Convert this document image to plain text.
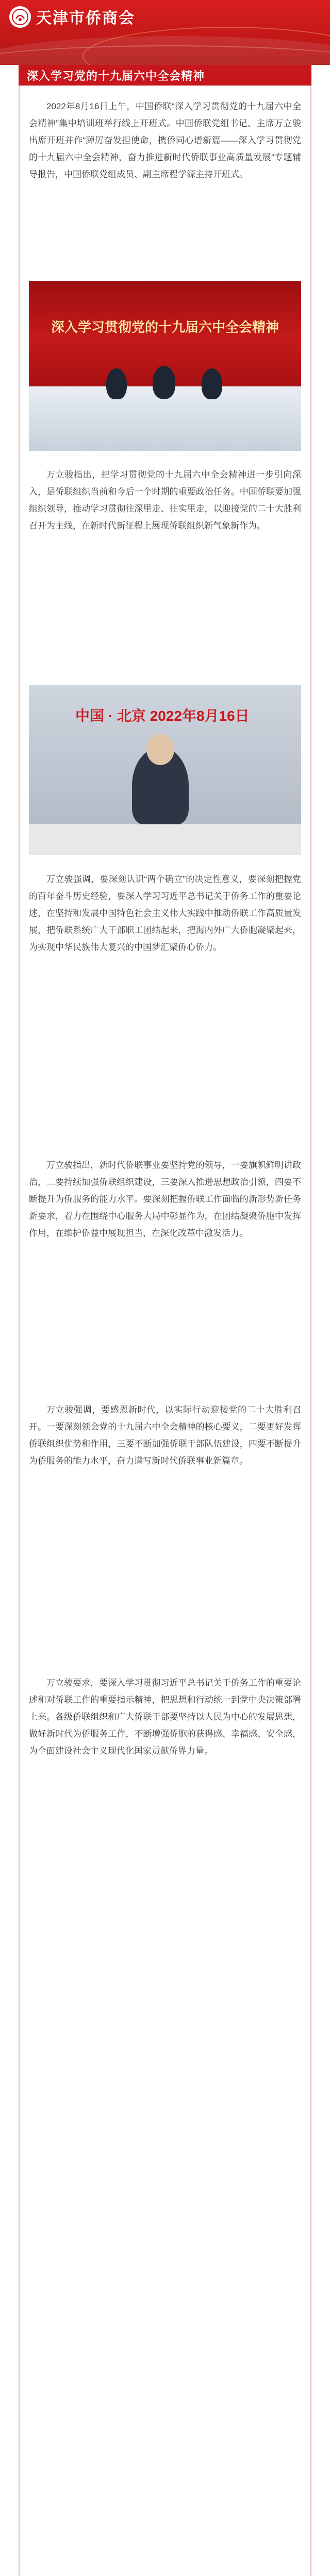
天津市侨商会
深入学习党的十九届六中全会精神

2022年8月16日上午，中国侨联“深入学习贯彻党的十九届六中全会精神”集中培训班举行线上开班式。中国侨联党组书记、主席万立骏出席开班并作“踔厉奋发担使命，携侨同心谱新篇——深入学习贯彻党的十九届六中全会精神，奋力推进新时代侨联事业高质量发展”专题辅导报告，中国侨联党组成员、副主席程学源主持开班式。

深入学习贯彻党的十九届六中全会精神

万立骏指出，把学习贯彻党的十九届六中全会精神进一步引向深入，是侨联组织当前和今后一个时期的重要政治任务。中国侨联要加强组织领导，推动学习贯彻往深里走、往实里走，以迎接党的二十大胜利召开为主线，在新时代新征程上展现侨联组织新气象新作为。

中国 · 北京 2022年8月16日

万立骏强调，要深刻认识“两个确立”的决定性意义，要深刻把握党的百年奋斗历史经验，要深入学习习近平总书记关于侨务工作的重要论述，在坚持和发展中国特色社会主义伟大实践中推动侨联工作高质量发展，把侨联系统广大干部职工团结起来，把海内外广大侨胞凝聚起来，为实现中华民族伟大复兴的中国梦汇聚侨心侨力。

万立骏指出，新时代侨联事业要坚持党的领导，一要旗帜鲜明讲政治，二要持续加强侨联组织建设，三要深入推进思想政治引领，四要不断提升为侨服务的能力水平。要深刻把握侨联工作面临的新形势新任务新要求，着力在围绕中心服务大局中彰显作为，在团结凝聚侨胞中发挥作用，在维护侨益中展现担当，在深化改革中激发活力。

万立骏强调，要感恩新时代，以实际行动迎接党的二十大胜利召开。一要深刻领会党的十九届六中全会精神的核心要义，二要更好发挥侨联组织优势和作用，三要不断加强侨联干部队伍建设，四要不断提升为侨服务的能力水平，奋力谱写新时代侨联事业新篇章。

万立骏要求，要深入学习贯彻习近平总书记关于侨务工作的重要论述和对侨联工作的重要指示精神，把思想和行动统一到党中央决策部署上来。各级侨联组织和广大侨联干部要坚持以人民为中心的发展思想，做好新时代为侨服务工作，不断增强侨胞的获得感、幸福感、安全感，为全面建设社会主义现代化国家贡献侨界力量。
